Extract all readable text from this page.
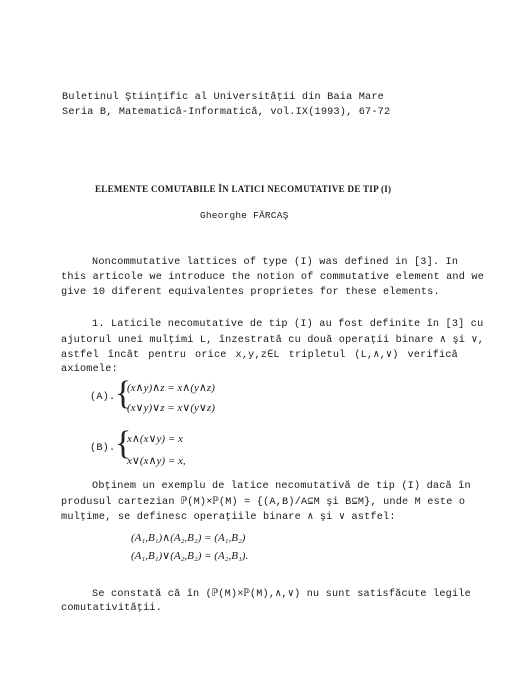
Buletinul Ştiinţific al Universităţii din Baia Mare
Seria B, Matematică-Informatică, vol.IX(1993), 67-72
ELEMENTE COMUTABILE ÎN LATICI NECOMUTATIVE DE TIP (I)
Gheorghe FĂRCAŞ
Noncommutative lattices of type (I) was defined in [3]. In
this articole we introduce the notion of commutative element and we
give 10 diferent equivalentes proprietes for these elements.
1. Laticile necomutative de tip (I) au fost definite în [3] cu
ajutorul unei mulţimi L, înzestrată cu două operaţii binare ∧ şi ∨,
astfel încât pentru orice x,y,z∈L tripletul (L,∧,∨) verifică
axiomele:
(A). {
(x∧y)∧z = x∧(y∧z)
(x∨y)∨z = x∨(y∨z)
(B). {
x∧(x∨y) = x
x∨(x∧y) = x,
Obţinem un exemplu de latice necomutativă de tip (I) dacă în
produsul cartezian ℙ(M)×ℙ(M) = {(A,B)/A⊆M şi B⊆M}, unde M este o
mulţime, se definesc operaţiile binare ∧ şi ∨ astfel:
(A₁,B₁)∧(A₂,B₂) = (A₁,B₂)
(A₁,B₁)∨(A₂,B₂) = (A₂,B₁).
Se constată că în (ℙ(M)×ℙ(M),∧,∨) nu sunt satisfăcute legile
comutativităţii.
